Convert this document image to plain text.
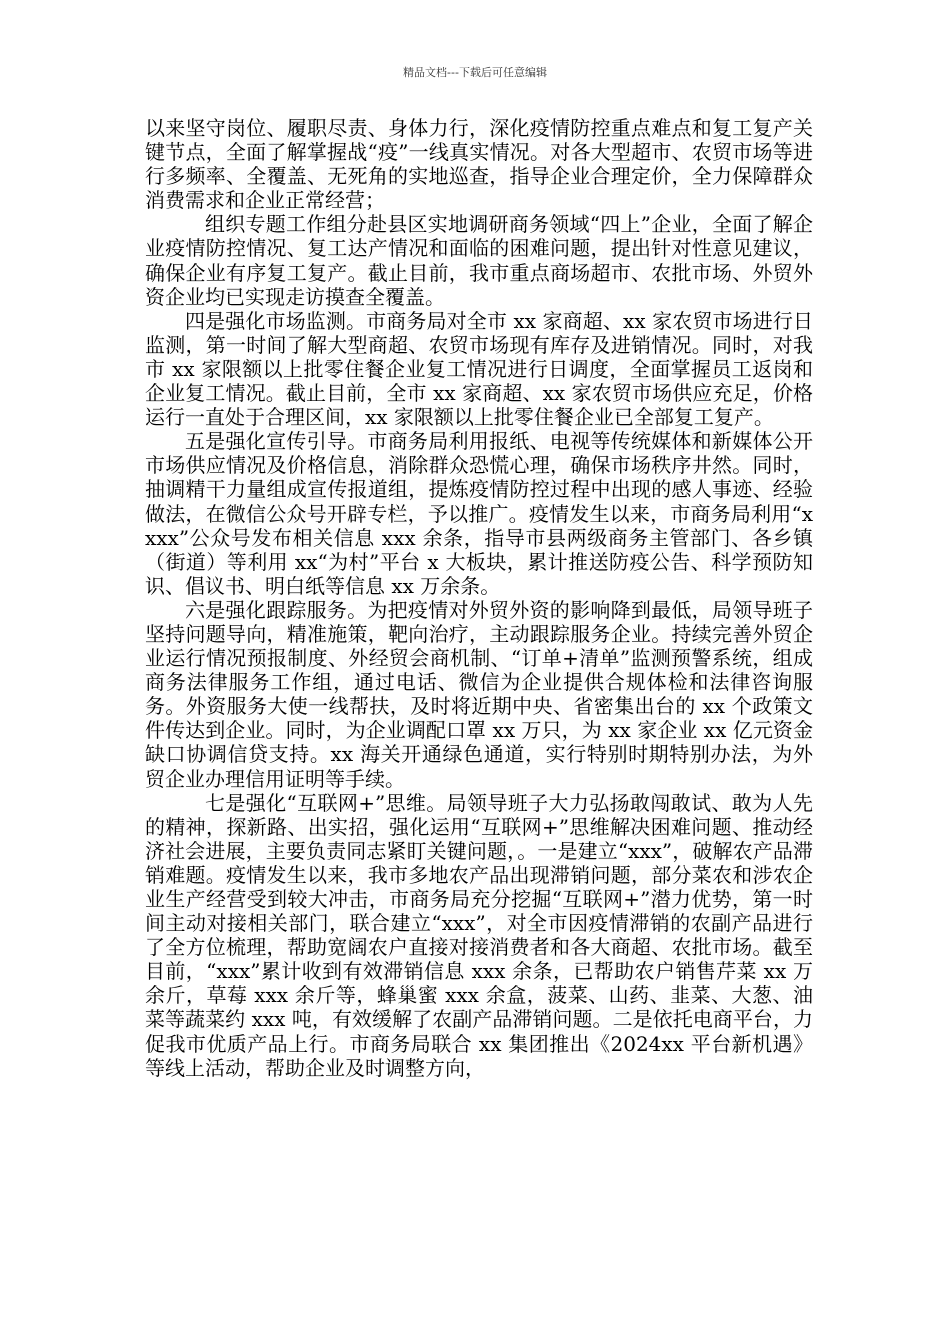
精品文档---下载后可任意编辑

以来坚守岗位、履职尽责、身体力行，深化疫情防控重点难点和复工复产关键节点，全面了解掌握战“疫”一线真实情况。对各大型超市、农贸市场等进行多频率、全覆盖、无死角的实地巡查，指导企业合理定价，全力保障群众消费需求和企业正常经营；

组织专题工作组分赴县区实地调研商务领域“四上”企业，全面了解企业疫情防控情况、复工达产情况和面临的困难问题，提出针对性意见建议，确保企业有序复工复产。截止目前，我市重点商场超市、农批市场、外贸外资企业均已实现走访摸查全覆盖。

四是强化市场监测。市商务局对全市 xx 家商超、xx 家农贸市场进行日监测，第一时间了解大型商超、农贸市场现有库存及进销情况。同时，对我市 xx 家限额以上批零住餐企业复工情况进行日调度，全面掌握员工返岗和企业复工情况。截止目前，全市 xx 家商超、xx 家农贸市场供应充足，价格运行一直处于合理区间，xx 家限额以上批零住餐企业已全部复工复产。

五是强化宣传引导。市商务局利用报纸、电视等传统媒体和新媒体公开市场供应情况及价格信息，消除群众恐慌心理，确保市场秩序井然。同时，抽调精干力量组成宣传报道组，提炼疫情防控过程中出现的感人事迹、经验做法，在微信公众号开辟专栏，予以推广。疫情发生以来，市商务局利用“xxxx”公众号发布相关信息 xxx 余条，指导市县两级商务主管部门、各乡镇（街道）等利用 xx“为村”平台 x 大板块，累计推送防疫公告、科学预防知识、倡议书、明白纸等信息 xx 万余条。

六是强化跟踪服务。为把疫情对外贸外资的影响降到最低，局领导班子坚持问题导向，精准施策，靶向治疗，主动跟踪服务企业。持续完善外贸企业运行情况预报制度、外经贸会商机制、“订单+清单”监测预警系统，组成商务法律服务工作组，通过电话、微信为企业提供合规体检和法律咨询服务。外资服务大使一线帮扶，及时将近期中央、省密集出台的 xx 个政策文件传达到企业。同时，为企业调配口罩 xx 万只，为 xx 家企业 xx 亿元资金缺口协调信贷支持。xx 海关开通绿色通道，实行特别时期特别办法，为外贸企业办理信用证明等手续。

七是强化“互联网+”思维。局领导班子大力弘扬敢闯敢试、敢为人先的精神，探新路、出实招，强化运用“互联网+”思维解决困难问题、推动经济社会进展，主要负责同志紧盯关键问题，。一是建立“xxx”，破解农产品滞销难题。疫情发生以来，我市多地农产品出现滞销问题，部分菜农和涉农企业生产经营受到较大冲击，市商务局充分挖掘“互联网+”潜力优势，第一时间主动对接相关部门，联合建立“xxx”，对全市因疫情滞销的农副产品进行了全方位梳理，帮助宽阔农户直接对接消费者和各大商超、农批市场。截至目前，“xxx”累计收到有效滞销信息 xxx 余条，已帮助农户销售芹菜 xx 万余斤，草莓 xxx 余斤等，蜂巢蜜 xxx 余盒，菠菜、山药、韭菜、大葱、油菜等蔬菜约 xxx 吨，有效缓解了农副产品滞销问题。二是依托电商平台，力促我市优质产品上行。市商务局联合 xx 集团推出《2024xx 平台新机遇》等线上活动，帮助企业及时调整方向，
